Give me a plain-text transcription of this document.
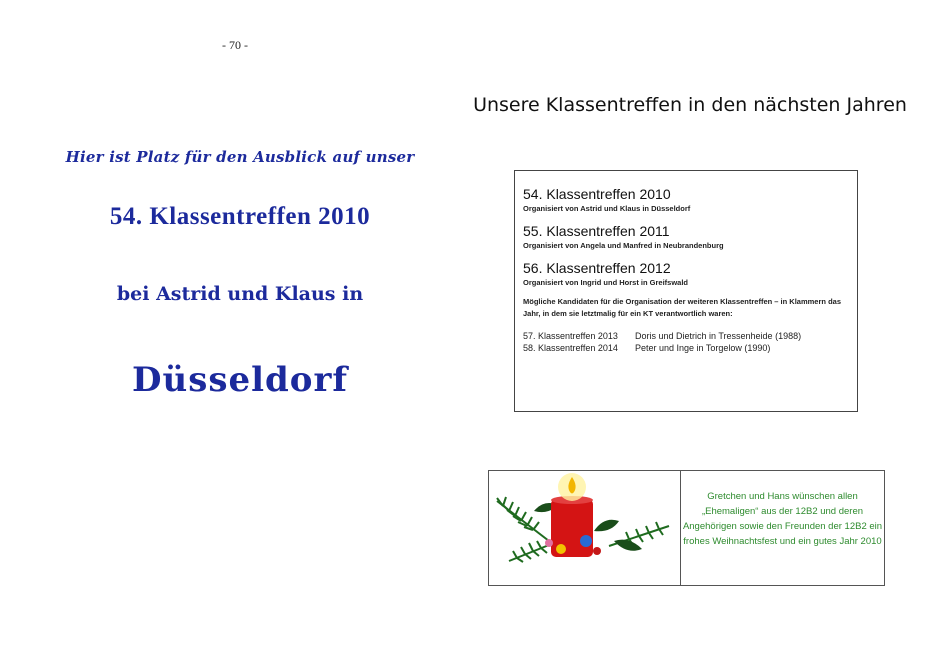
- 70 -
Hier ist Platz für den Ausblick auf unser
54. Klassentreffen 2010
bei Astrid und Klaus in
Düsseldorf
Unsere Klassentreffen in den nächsten Jahren
54. Klassentreffen 2010
Organisiert von Astrid und Klaus in Düsseldorf
55. Klassentreffen 2011
Organisiert von Angela und Manfred in Neubrandenburg
56. Klassentreffen 2012
Organisiert von Ingrid und Horst in Greifswald
Mögliche Kandidaten für die Organisation der weiteren Klassentreffen – in Klammern das Jahr, in dem sie letztmalig für ein KT verantwortlich waren:
57. Klassentreffen 2013	Doris und Dietrich in Tressenheide (1988)
58. Klassentreffen 2014	Peter und Inge in Torgelow (1990)
Gretchen und Hans wünschen allen „Ehemaligen“ aus der 12B2 und deren Angehörigen sowie den Freunden der 12B2 ein frohes Weihnachtsfest und ein gutes Jahr 2010
